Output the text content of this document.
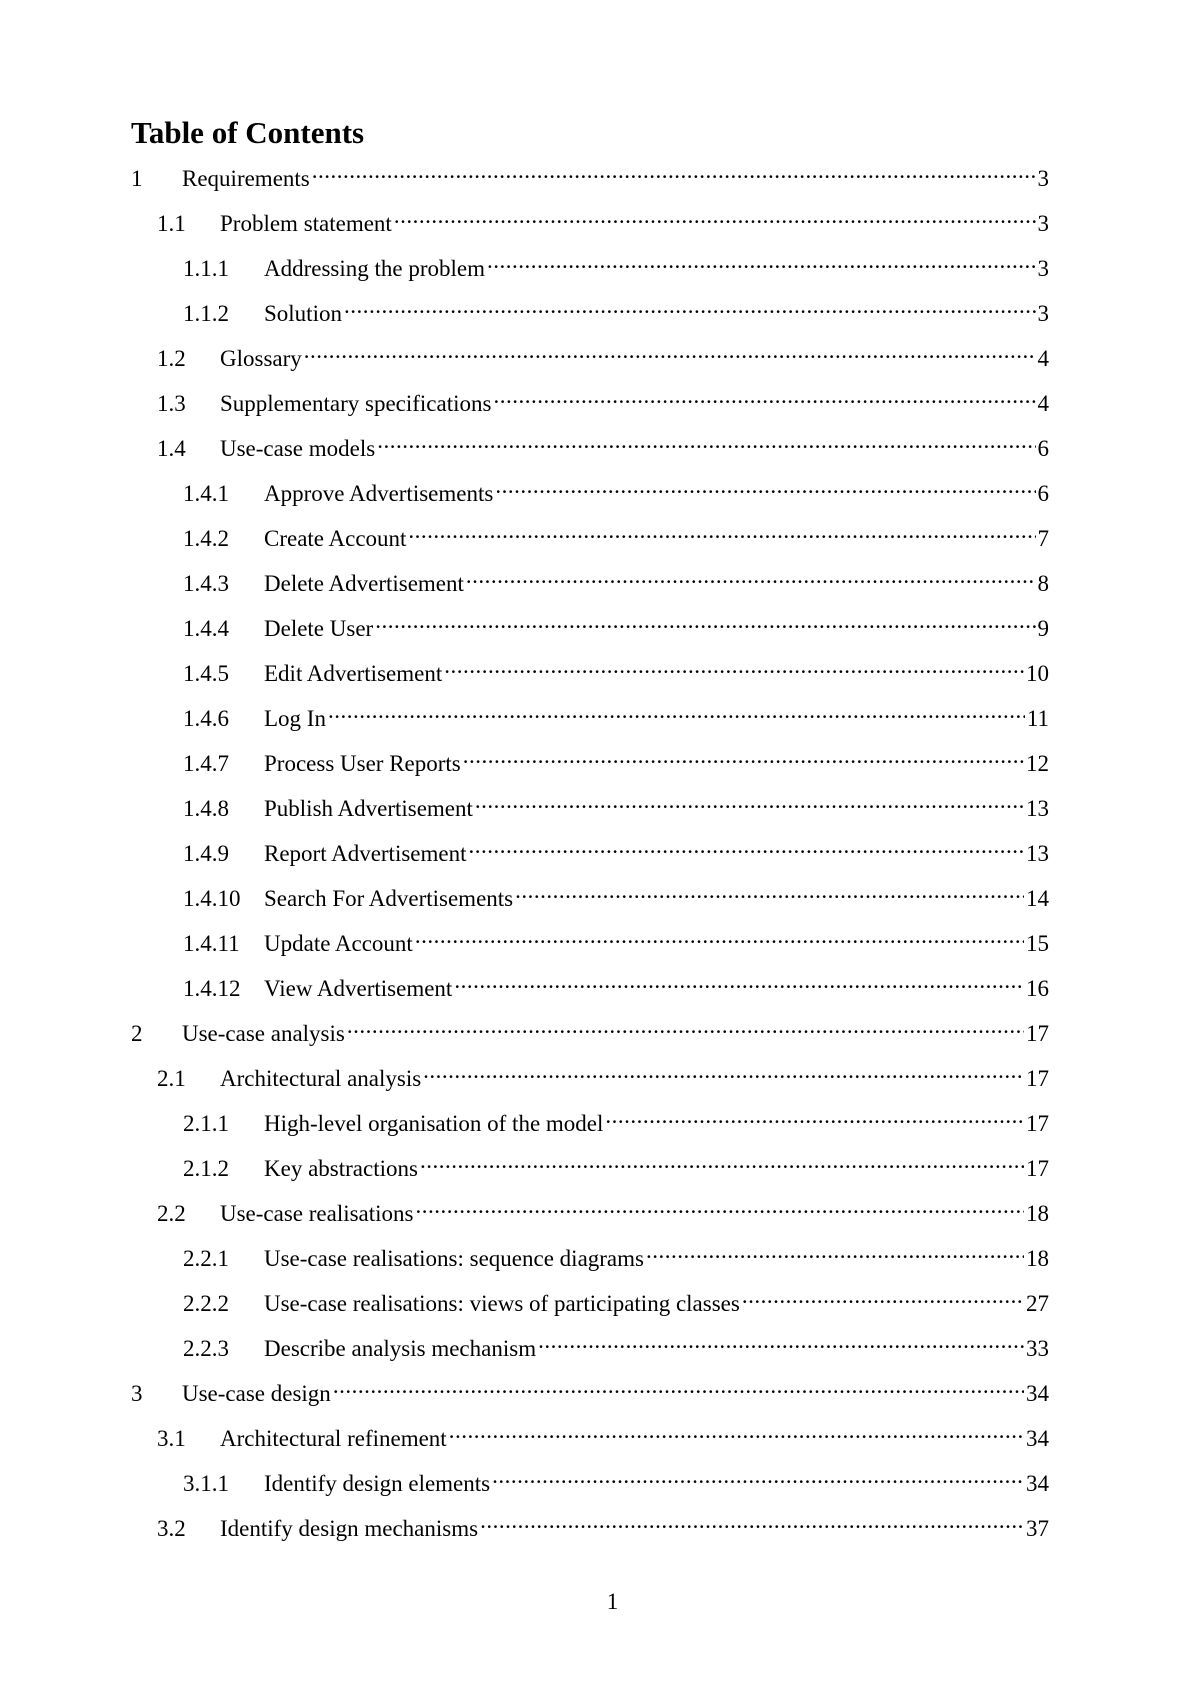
Table of Contents
1	Requirements .....	3
1.1	Problem statement .....	3
1.1.1	Addressing the problem .....	3
1.1.2	Solution .....	3
1.2	Glossary .....	4
1.3	Supplementary specifications .....	4
1.4	Use-case models .....	6
1.4.1	Approve Advertisements .....	6
1.4.2	Create Account .....	7
1.4.3	Delete Advertisement .....	8
1.4.4	Delete User .....	9
1.4.5	Edit Advertisement .....	10
1.4.6	Log In .....	11
1.4.7	Process User Reports .....	12
1.4.8	Publish Advertisement .....	13
1.4.9	Report Advertisement .....	13
1.4.10	Search For Advertisements .....	14
1.4.11	Update Account .....	15
1.4.12	View Advertisement .....	16
2	Use-case analysis .....	17
2.1	Architectural analysis .....	17
2.1.1	High-level organisation of the model .....	17
2.1.2	Key abstractions .....	17
2.2	Use-case realisations .....	18
2.2.1	Use-case realisations: sequence diagrams .....	18
2.2.2	Use-case realisations: views of participating classes .....	27
2.2.3	Describe analysis mechanism .....	33
3	Use-case design .....	34
3.1	Architectural refinement .....	34
3.1.1	Identify design elements .....	34
3.2	Identify design mechanisms .....	37
1
